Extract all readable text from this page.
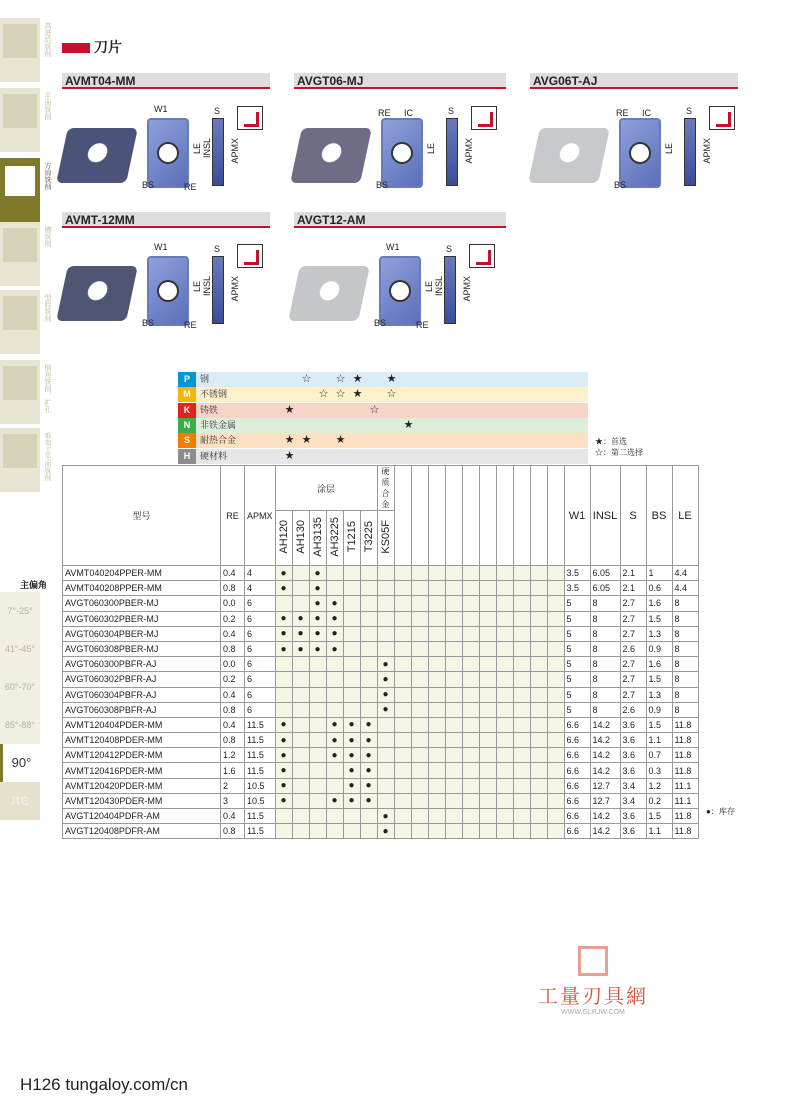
高进给铣削
平面铣削
方肩铣削
槽铣削
型腔铣削
倒角铣削，扩孔
难加工平面铣削
主偏角
7°-25°
41°-45°
60°-70°
85°-88°
90°
其它
刀片
AVMT04-MM	AVGT06-MJ	AVG06T-AJ
AVMT-12MM	AVGT12-AM
W1	S
LE INSL APMX
BS	RE
RE IC	S
LE	APMX
BS
RE IC	S
LE	APMX
BS
W1	S
LE INSL APMX
BS	RE
W1	S
LE INSL APMX
BS	RE
P	钢	☆	☆ ★	★
M	不锈钢	☆ ☆ ★	☆
K	铸铁	★	☆
N	非铁金属	★
S	耐热合金	★ ★	★
H	硬材料	★
★：首选
☆：第二选择
型号	RE	APMX	涂层						硬质合金											W1	INSL	S	BS	LE
			AH120	AH130	AH3135	AH3225	T1215	T3225	KS05F															
AVMT040204PPER-MM	0.4	4	●		●															3.5	6.05	2.1	1	4.4
AVMT040208PPER-MM	0.8	4	●		●															3.5	6.05	2.1	0.6	4.4
AVGT060300PBER-MJ	0.0	6			●	●														5	8	2.7	1.6	8
AVGT060302PBER-MJ	0.2	6	●	●	●	●														5	8	2.7	1.5	8
AVGT060304PBER-MJ	0.4	6	●	●	●	●														5	8	2.7	1.3	8
AVGT060308PBER-MJ	0.8	6	●	●	●	●														5	8	2.6	0.9	8
AVGT060300PBFR-AJ	0.0	6							●											5	8	2.7	1.6	8
AVGT060302PBFR-AJ	0.2	6							●											5	8	2.7	1.5	8
AVGT060304PBFR-AJ	0.4	6							●											5	8	2.7	1.3	8
AVGT060308PBFR-AJ	0.8	6							●											5	8	2.6	0.9	8
AVMT120404PDER-MM	0.4	11.5	●			●	●	●												6.6	14.2	3.6	1.5	11.8
AVMT120408PDER-MM	0.8	11.5	●			●	●	●												6.6	14.2	3.6	1.1	11.8
AVMT120412PDER-MM	1.2	11.5	●			●	●	●												6.6	14.2	3.6	0.7	11.8
AVMT120416PDER-MM	1.6	11.5	●				●	●												6.6	14.2	3.6	0.3	11.8
AVMT120420PDER-MM	2	10.5	●				●	●												6.6	12.7	3.4	1.2	11.1
AVMT120430PDER-MM	3	10.5	●			●	●	●												6.6	12.7	3.4	0.2	11.1
AVGT120404PDFR-AM	0.4	11.5							●											6.6	14.2	3.6	1.5	11.8
AVGT120408PDFR-AM	0.8	11.5							●											6.6	14.2	3.6	1.1	11.8
●：库存
工量刃具網
WWW.GLRJW.COM
H126 tungaloy.com/cn
